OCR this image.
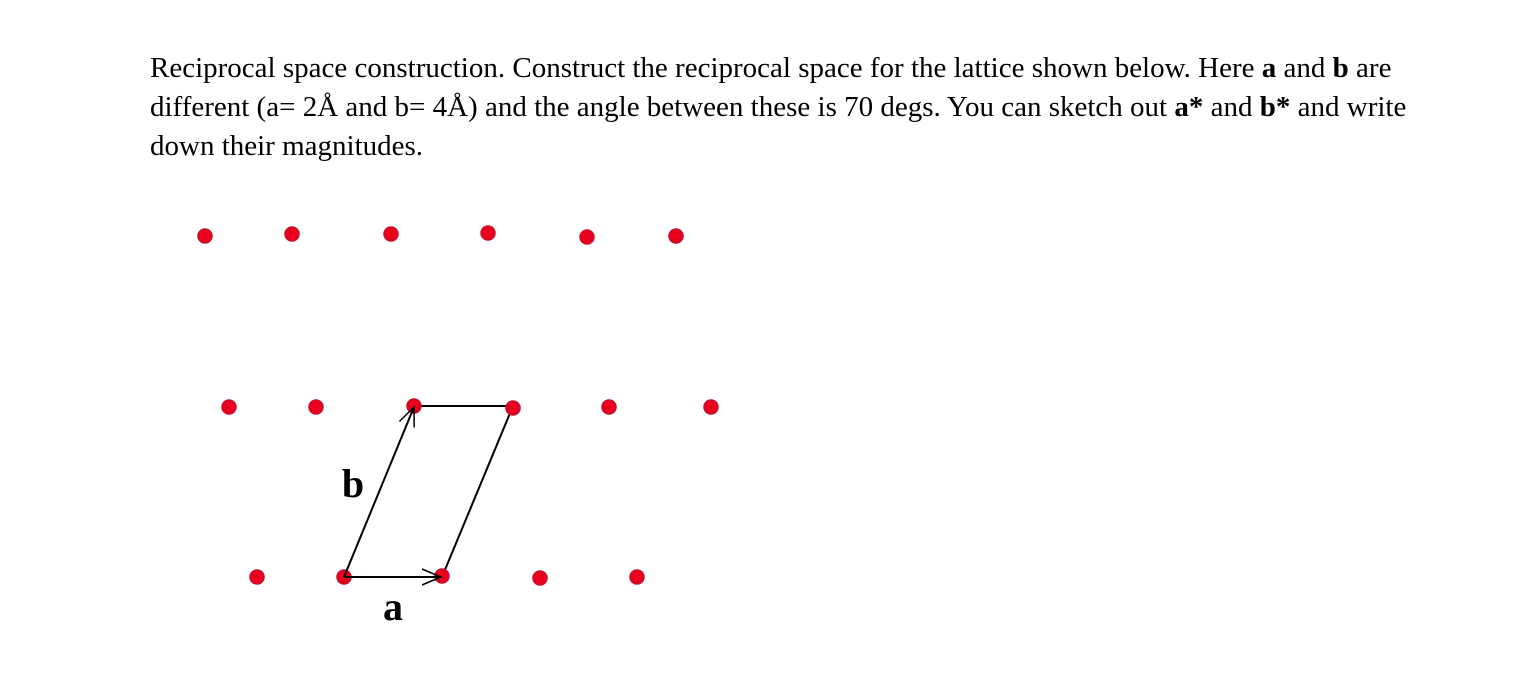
Reciprocal space construction. Construct the reciprocal space for the lattice shown below. Here a and b are different (a= 2Å and b= 4Å) and the angle between these is 70 degs. You can sketch out a* and b* and write down their magnitudes.

a
b
